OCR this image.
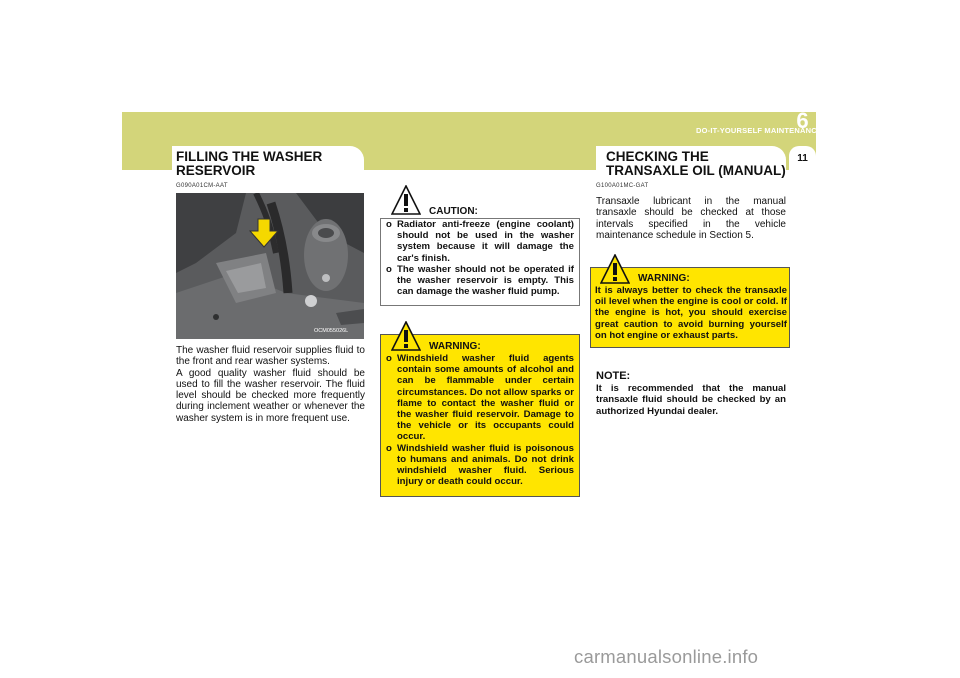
DO-IT-YOURSELF MAINTENANCE
6
11
FILLING THE WASHER
RESERVOIR
G090A01CM-AAT
OCM055026L

The washer fluid reservoir supplies fluid to the front and rear washer systems.

A good quality washer fluid should be used to fill the washer reservoir. The fluid level should be checked more frequently during inclement weather or whenever the washer system is in more frequent use.

CAUTION:
o Radiator anti-freeze (engine coolant) should not be used in the washer system because it will damage the car's finish.
o The washer should not be operated if the washer reservoir is empty. This can damage the washer fluid pump.
WARNING:
o Windshield washer fluid agents contain some amounts of alcohol and can be flammable under certain circumstances. Do not allow sparks or flame to contact the washer fluid or the washer fluid reservoir. Damage to the vehicle or its occupants could occur.
o Windshield washer fluid is poisonous to humans and animals. Do not drink windshield washer fluid. Serious injury or death could occur.
CHECKING THE
TRANSAXLE OIL (MANUAL)
G100A01MC-GAT
Transaxle lubricant in the manual transaxle should be checked at those intervals specified in the vehicle maintenance schedule in Section 5.
WARNING:
It is always better to check the transaxle oil level when the engine is cool or cold. If the engine is hot, you should exercise great caution to avoid burning yourself on hot engine or exhaust parts.
NOTE:
It is recommended that the manual transaxle fluid should be checked by an authorized Hyundai dealer.
carmanualsonline.info
